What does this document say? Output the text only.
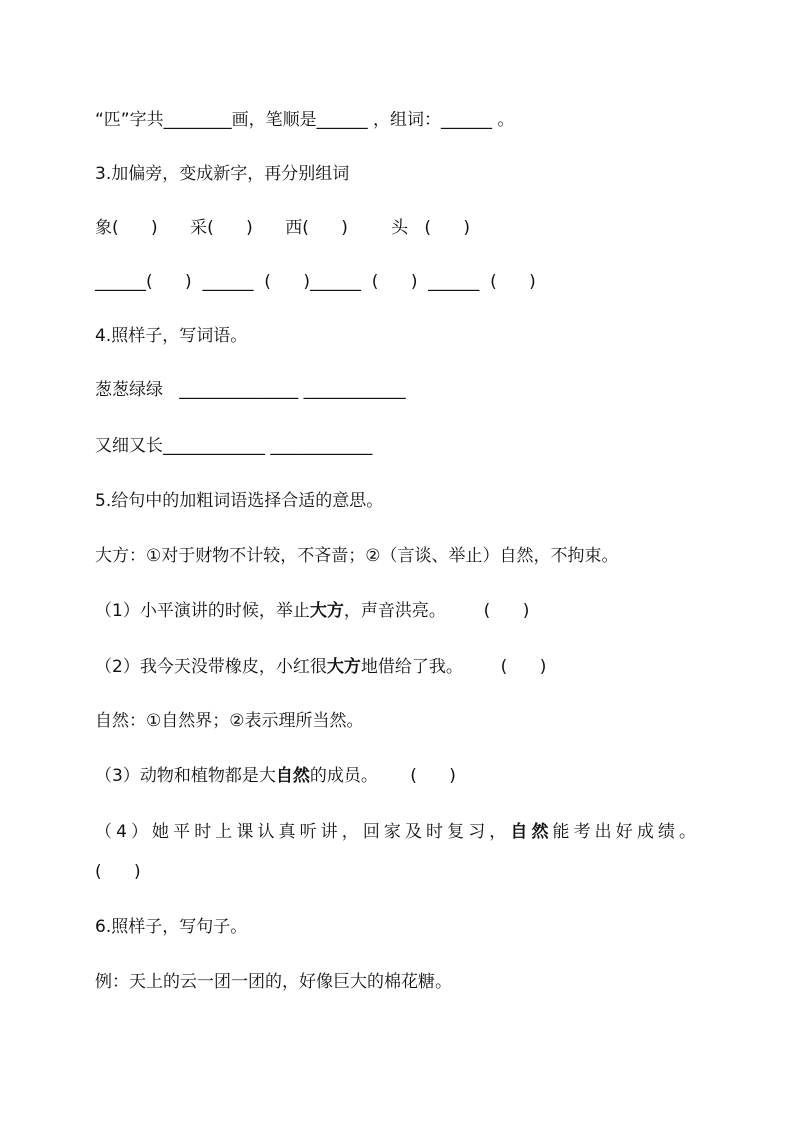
“匹”字共________画，笔顺是______ ，组词：______ 。
3.加偏旁，变成新字，再分别组词
象(      )      采(      )      西(      )        头   (      )
______(      )  ______  (      )______  (      )  ______  (      )
4.照样子，写词语。
葱葱绿绿   ______________ ____________
又细又长____________ ____________
5.给句中的加粗词语选择合适的意思。
大方：①对于财物不计较，不吝啬；②（言谈、举止）自然，不拘束。
（1）小平演讲的时候，举止大方，声音洪亮。       (      )
（2）我今天没带橡皮，小红很大方地借给了我。       (      )
自然：①自然界；②表示理所当然。
（3）动物和植物都是大自然的成员。      (      )
（4）她平时上课认真听讲，回家及时复习，自然能考出好成绩。
(      )
6.照样子，写句子。
例：天上的云一团一团的，好像巨大的棉花糖。
